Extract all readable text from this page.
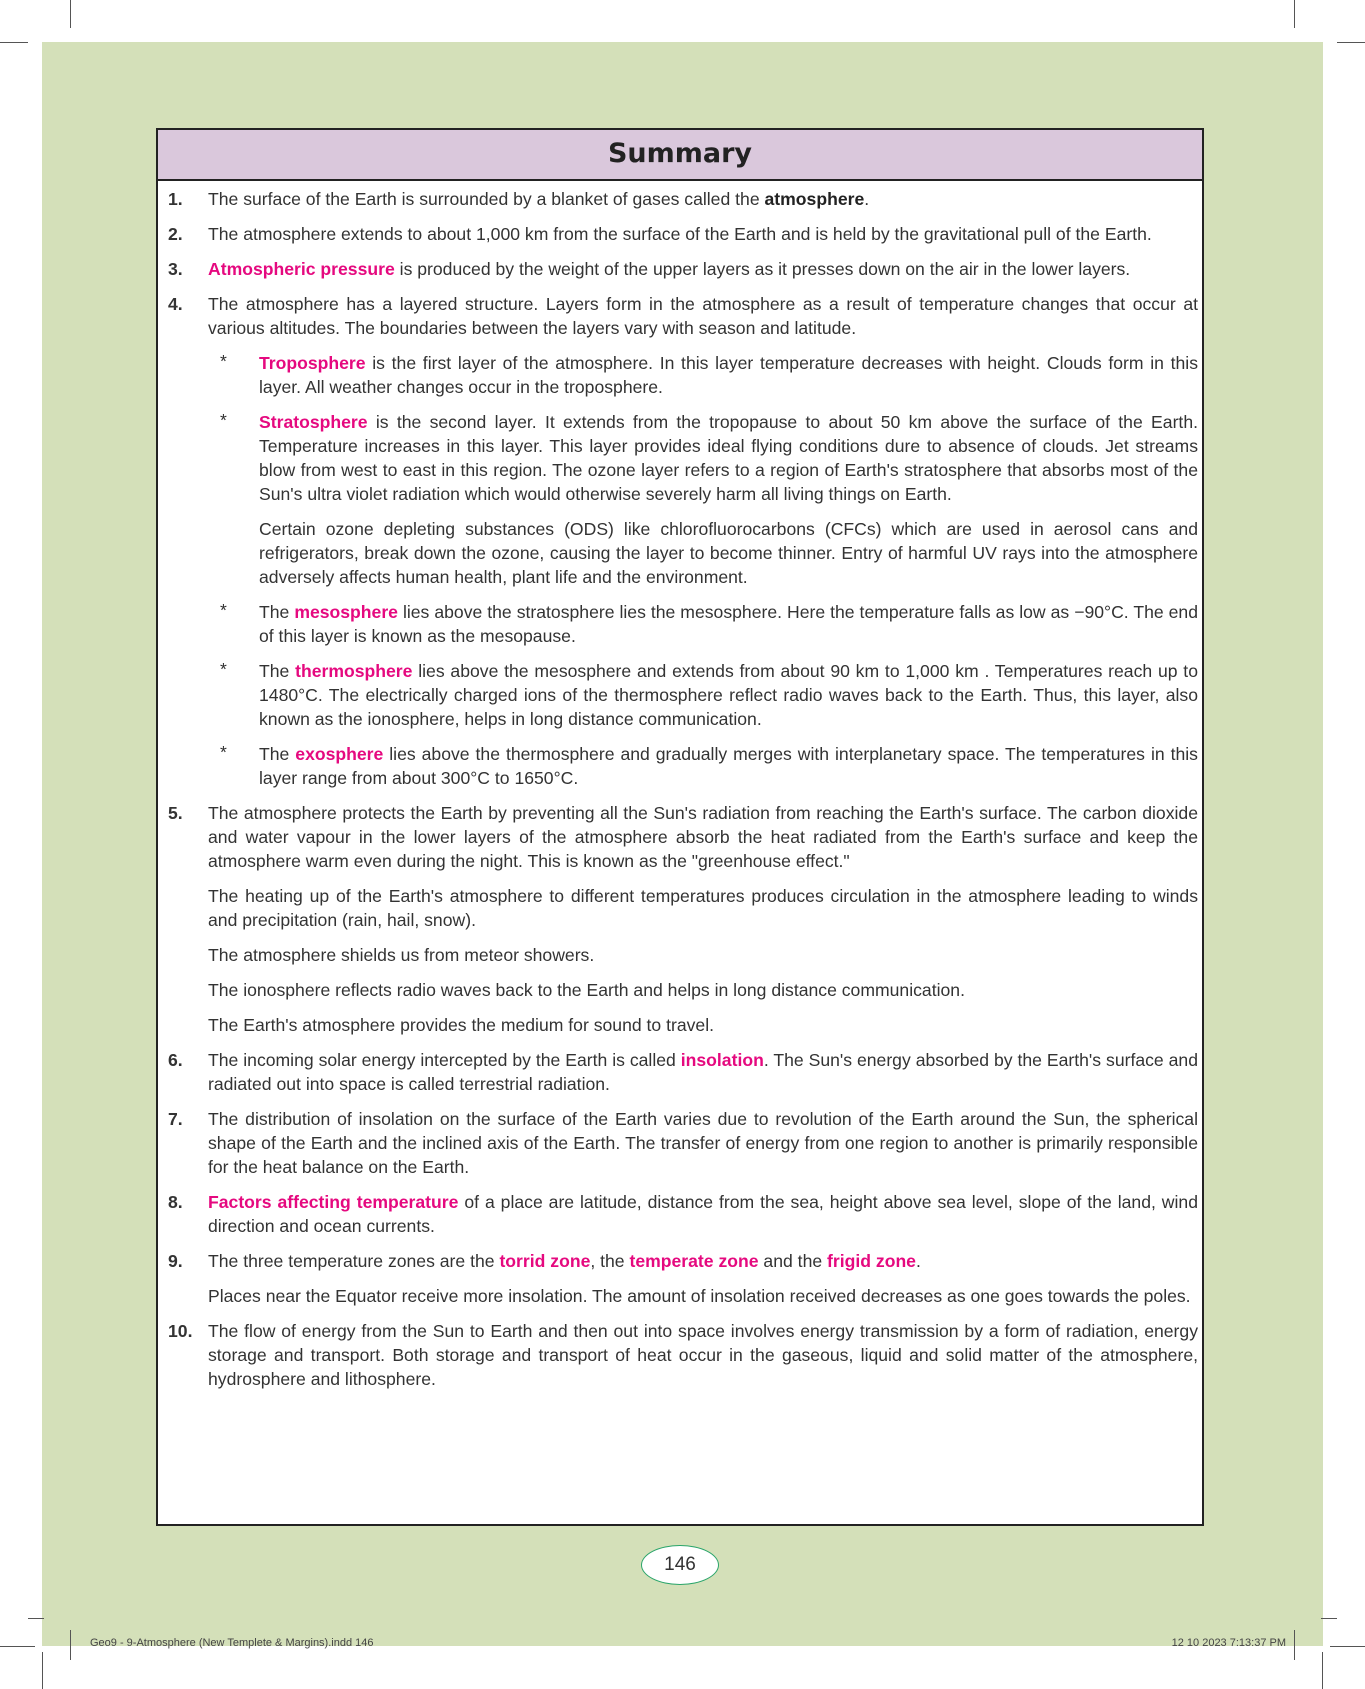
Summary
1. The surface of the Earth is surrounded by a blanket of gases called the atmosphere.
2. The atmosphere extends to about 1,000 km from the surface of the Earth and is held by the gravitational pull of the Earth.
3. Atmospheric pressure is produced by the weight of the upper layers as it presses down on the air in the lower layers.
4. The atmosphere has a layered structure. Layers form in the atmosphere as a result of temperature changes that occur at various altitudes. The boundaries between the layers vary with season and latitude.
* Troposphere is the first layer of the atmosphere. In this layer temperature decreases with height. Clouds form in this layer. All weather changes occur in the troposphere.
* Stratosphere is the second layer. It extends from the tropopause to about 50 km above the surface of the Earth. Temperature increases in this layer. This layer provides ideal flying conditions dure to absence of clouds. Jet streams blow from west to east in this region. The ozone layer refers to a region of Earth's stratosphere that absorbs most of the Sun's ultra violet radiation which would otherwise severely harm all living things on Earth.
Certain ozone depleting substances (ODS) like chlorofluorocarbons (CFCs) which are used in aerosol cans and refrigerators, break down the ozone, causing the layer to become thinner. Entry of harmful UV rays into the atmosphere adversely affects human health, plant life and the environment.
* The mesosphere lies above the stratosphere lies the mesosphere. Here the temperature falls as low as −90°C. The end of this layer is known as the mesopause.
* The thermosphere lies above the mesosphere and extends from about 90 km to 1,000 km . Temperatures reach up to 1480°C. The electrically charged ions of the thermosphere reflect radio waves back to the Earth. Thus, this layer, also known as the ionosphere, helps in long distance communication.
* The exosphere lies above the thermosphere and gradually merges with interplanetary space. The temperatures in this layer range from about 300°C to 1650°C.
5. The atmosphere protects the Earth by preventing all the Sun's radiation from reaching the Earth's surface. The carbon dioxide and water vapour in the lower layers of the atmosphere absorb the heat radiated from the Earth's surface and keep the atmosphere warm even during the night. This is known as the "greenhouse effect."
The heating up of the Earth's atmosphere to different temperatures produces circulation in the atmosphere leading to winds and precipitation (rain, hail, snow).
The atmosphere shields us from meteor showers.
The ionosphere reflects radio waves back to the Earth and helps in long distance communication.
The Earth's atmosphere provides the medium for sound to travel.
6. The incoming solar energy intercepted by the Earth is called insolation. The Sun's energy absorbed by the Earth's surface and radiated out into space is called terrestrial radiation.
7. The distribution of insolation on the surface of the Earth varies due to revolution of the Earth around the Sun, the spherical shape of the Earth and the inclined axis of the Earth. The transfer of energy from one region to another is primarily responsible for the heat balance on the Earth.
8. Factors affecting temperature of a place are latitude, distance from the sea, height above sea level, slope of the land, wind direction and ocean currents.
9. The three temperature zones are the torrid zone, the temperate zone and the frigid zone.
Places near the Equator receive more insolation. The amount of insolation received decreases as one goes towards the poles.
10. The flow of energy from the Sun to Earth and then out into space involves energy transmission by a form of radiation, energy storage and transport. Both storage and transport of heat occur in the gaseous, liquid and solid matter of the atmosphere, hydrosphere and lithosphere.
146
Geo9 - 9-Atmosphere (New Templete & Margins).indd 146	12 10 2023 7:13:37 PM
